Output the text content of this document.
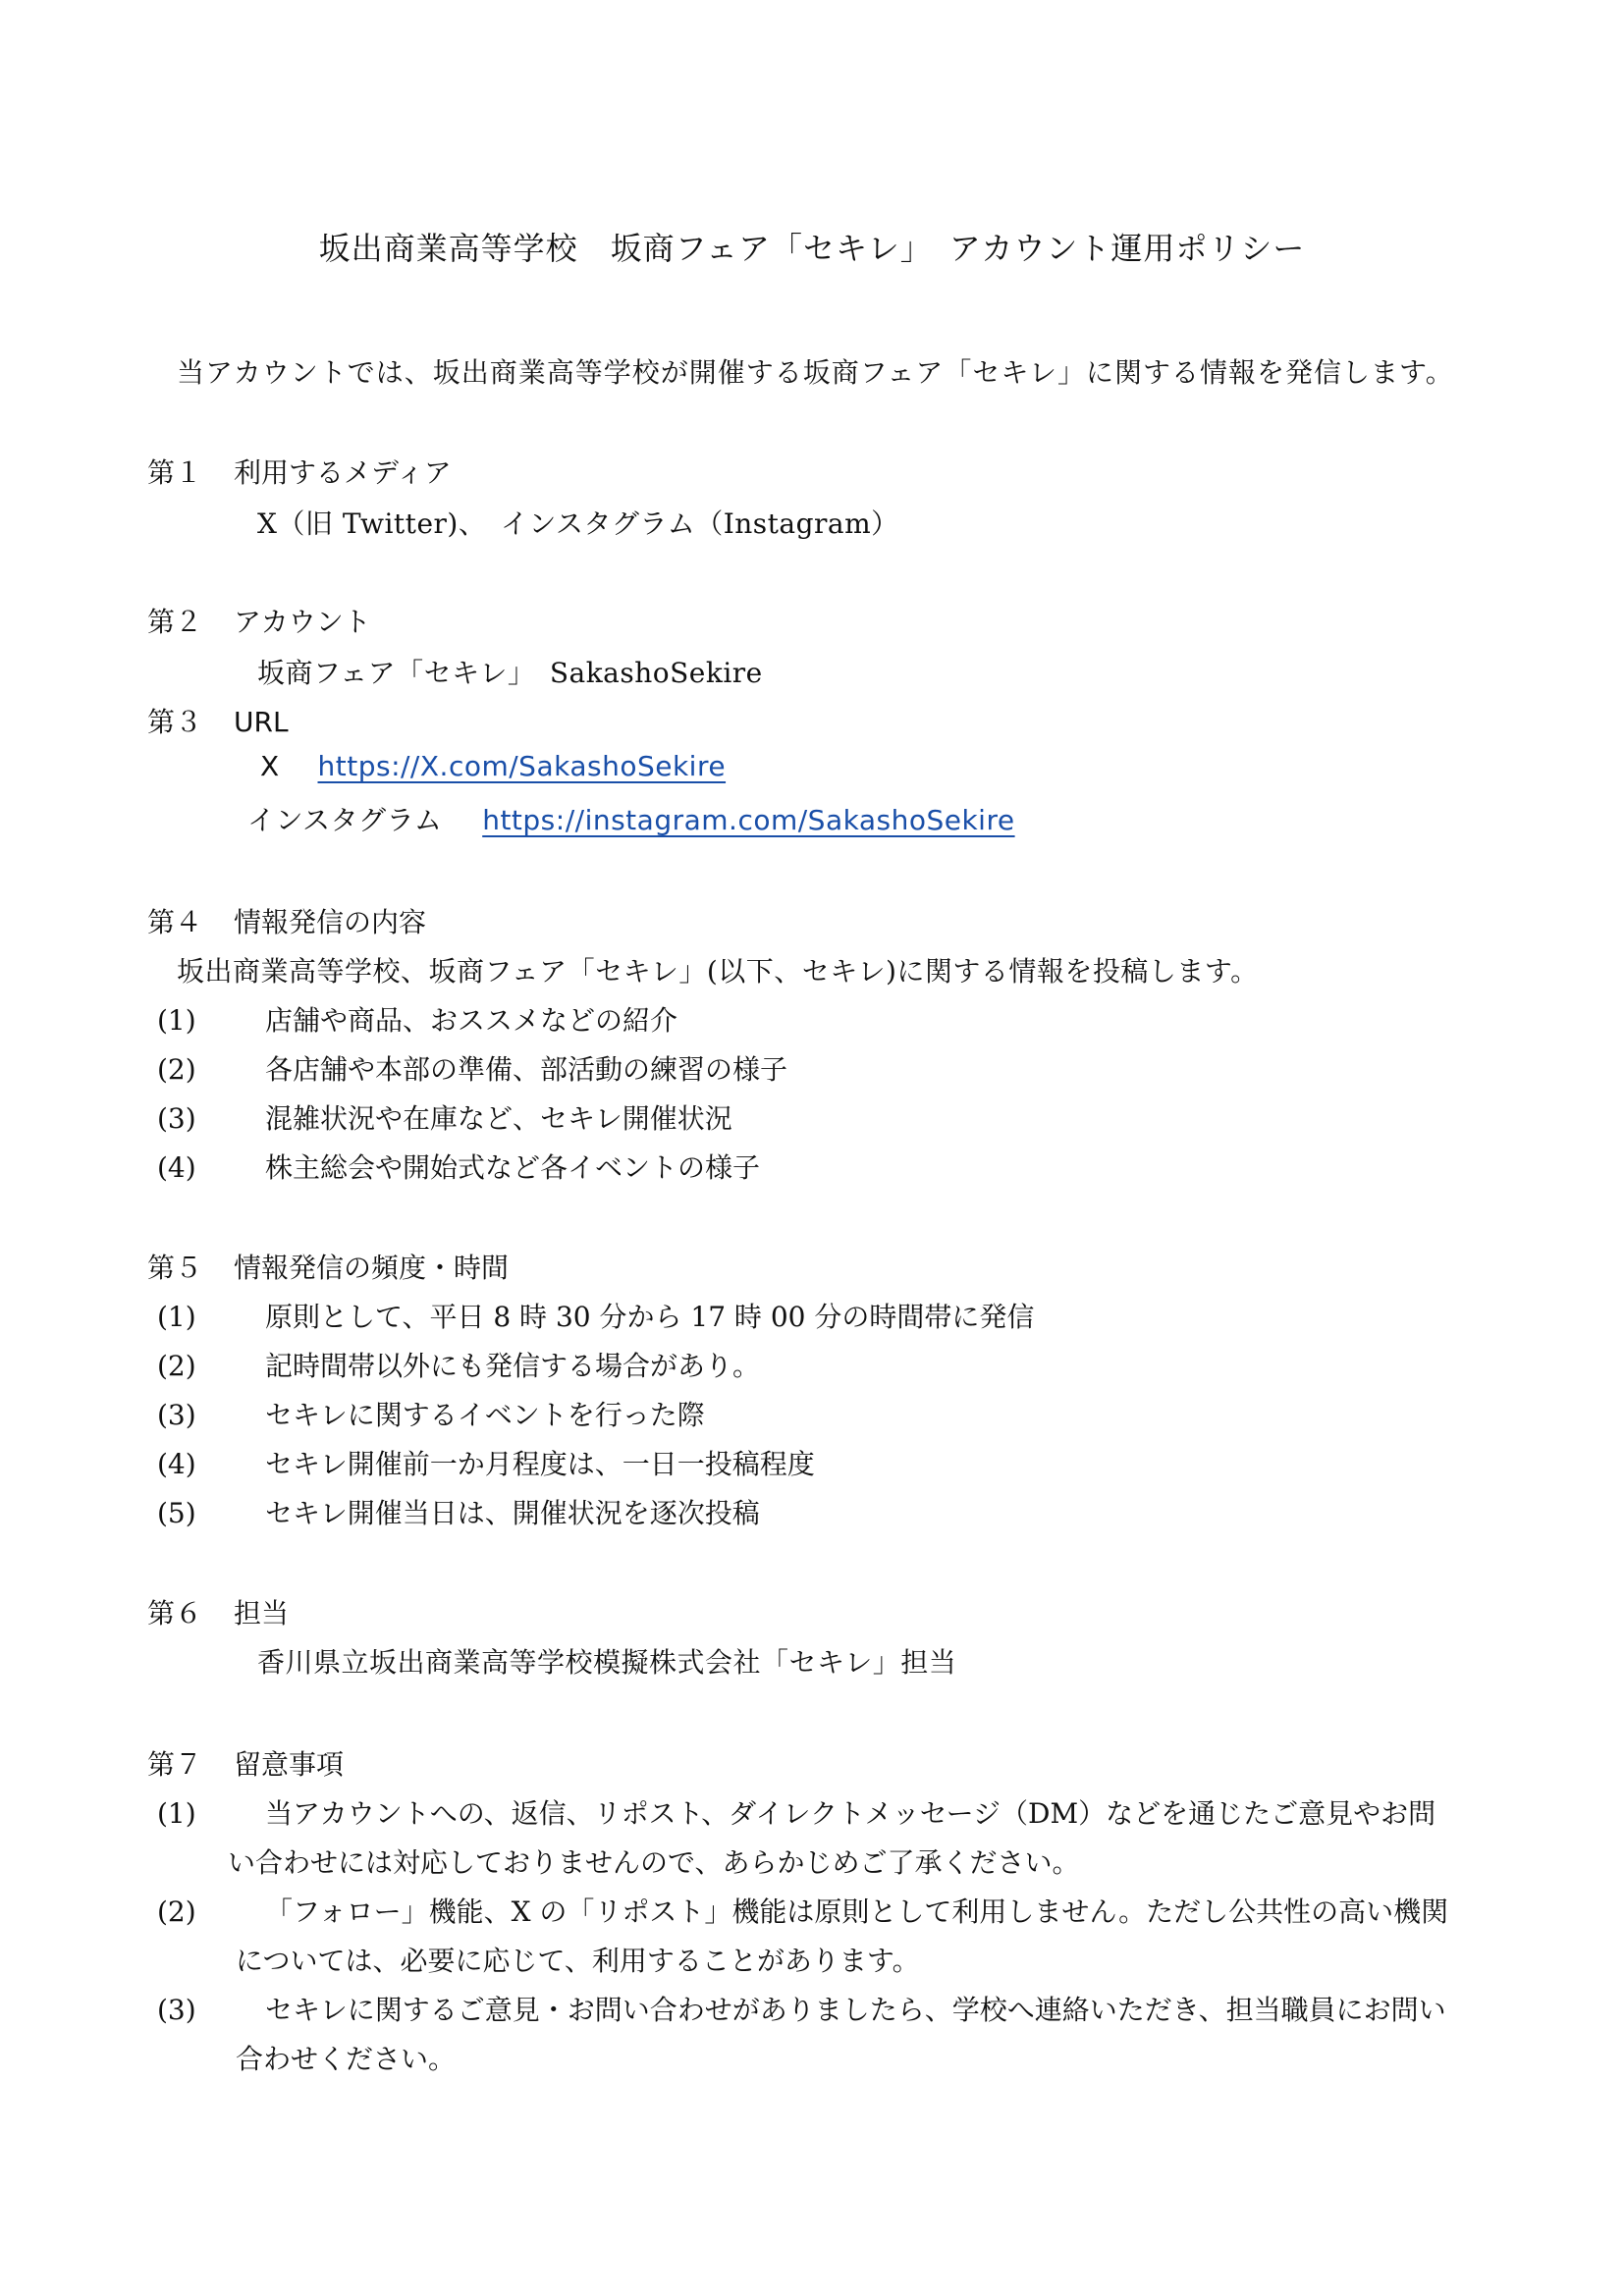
坂出商業高等学校　坂商フェア「セキレ」　アカウント運用ポリシー
当アカウントでは、坂出商業高等学校が開催する坂商フェア「セキレ」に関する情報を発信します。
第１ 利用するメディア
X（旧 Twitter)、　インスタグラム（Instagram）
第２ アカウント
坂商フェア「セキレ」　SakashoSekire
第３ URL
X https://X.com/SakashoSekire
インスタグラム https://instagram.com/SakashoSekire
第４ 情報発信の内容
坂出商業高等学校、坂商フェア「セキレ」(以下、セキレ)に関する情報を投稿します。
(1)	店舗や商品、おススメなどの紹介
(2)	各店舗や本部の準備、部活動の練習の様子
(3)	混雑状況や在庫など、セキレ開催状況
(4)	株主総会や開始式など各イベントの様子
第５ 情報発信の頻度・時間
(1)	原則として、平日 8 時 30 分から 17 時 00 分の時間帯に発信
(2)	記時間帯以外にも発信する場合があり。
(3)	セキレに関するイベントを行った際
(4)	セキレ開催前一か月程度は、一日一投稿程度
(5)	セキレ開催当日は、開催状況を逐次投稿
第６ 担当
香川県立坂出商業高等学校模擬株式会社「セキレ」担当
第７ 留意事項
(1)	当アカウントへの、返信、リポスト、ダイレクトメッセージ（DM）などを通じたご意見やお問
い合わせには対応しておりませんので、あらかじめご了承ください。
(2)	「フォロー」機能、X の「リポスト」機能は原則として利用しません。ただし公共性の高い機関
については、必要に応じて、利用することがあります。
(3)	セキレに関するご意見・お問い合わせがありましたら、学校へ連絡いただき、担当職員にお問い
合わせください。
